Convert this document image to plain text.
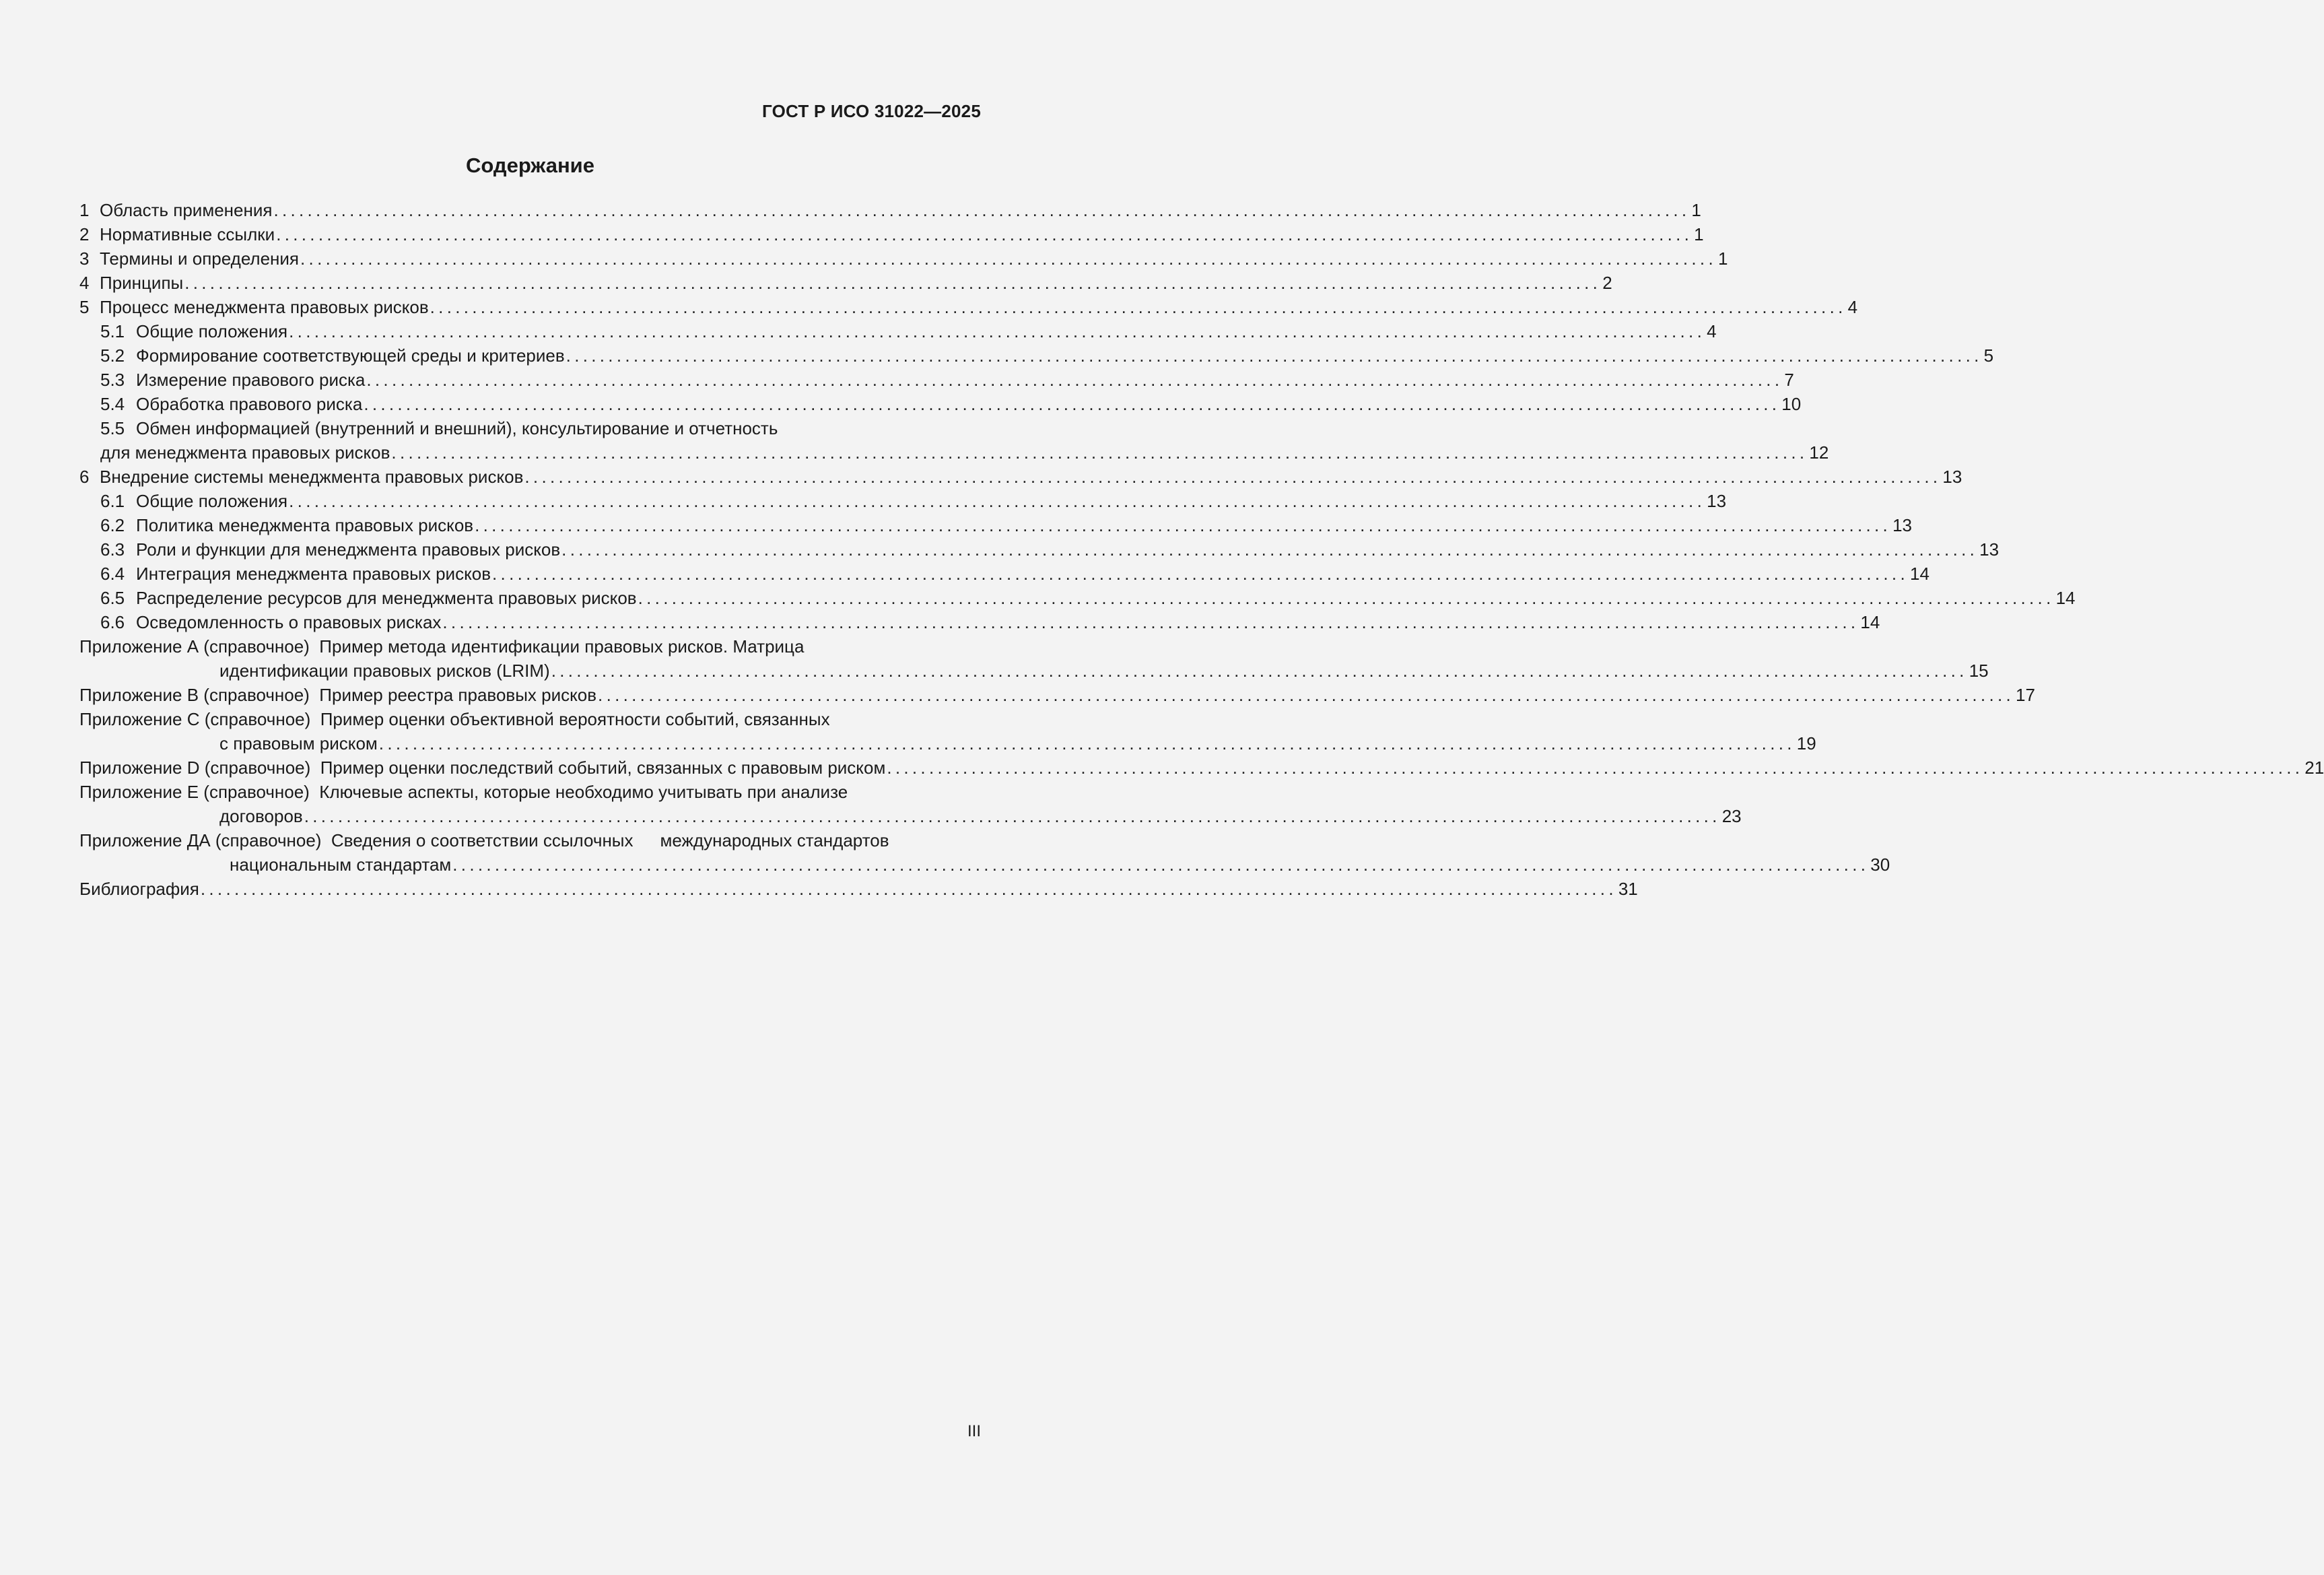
ГОСТ Р ИСО 31022—2025
Содержание
1 Область применения .....	1
2 Нормативные ссылки .....	1
3 Термины и определения .....	1
4 Принципы .....	2
5 Процесс менеджмента правовых рисков .....	4
5.1 Общие положения .....	4
5.2 Формирование соответствующей среды и критериев .....	5
5.3 Измерение правового риска .....	7
5.4 Обработка правового риска .....	10
5.5 Обмен информацией (внутренний и внешний), консультирование и отчетность
для менеджмента правовых рисков .....	12
6 Внедрение системы менеджмента правовых рисков .....	13
6.1 Общие положения .....	13
6.2 Политика менеджмента правовых рисков .....	13
6.3 Роли и функции для менеджмента правовых рисков .....	13
6.4 Интеграция менеджмента правовых рисков .....	14
6.5 Распределение ресурсов для менеджмента правовых рисков .....	14
6.6 Осведомленность о правовых рисках .....	14
Приложение А (справочное) Пример метода идентификации правовых рисков. Матрица
идентификации правовых рисков (LRIM) .....	15
Приложение В (справочное) Пример реестра правовых рисков .....	17
Приложение С (справочное) Пример оценки объективной вероятности событий, связанных
с правовым риском .....	19
Приложение D (справочное) Пример оценки последствий событий, связанных с правовым риском .....	21
Приложение Е (справочное) Ключевые аспекты, которые необходимо учитывать при анализе
договоров .....	23
Приложение ДА (справочное) Сведения о соответствии ссылочных международных стандартов
национальным стандартам .....	30
Библиография .....	31
III
